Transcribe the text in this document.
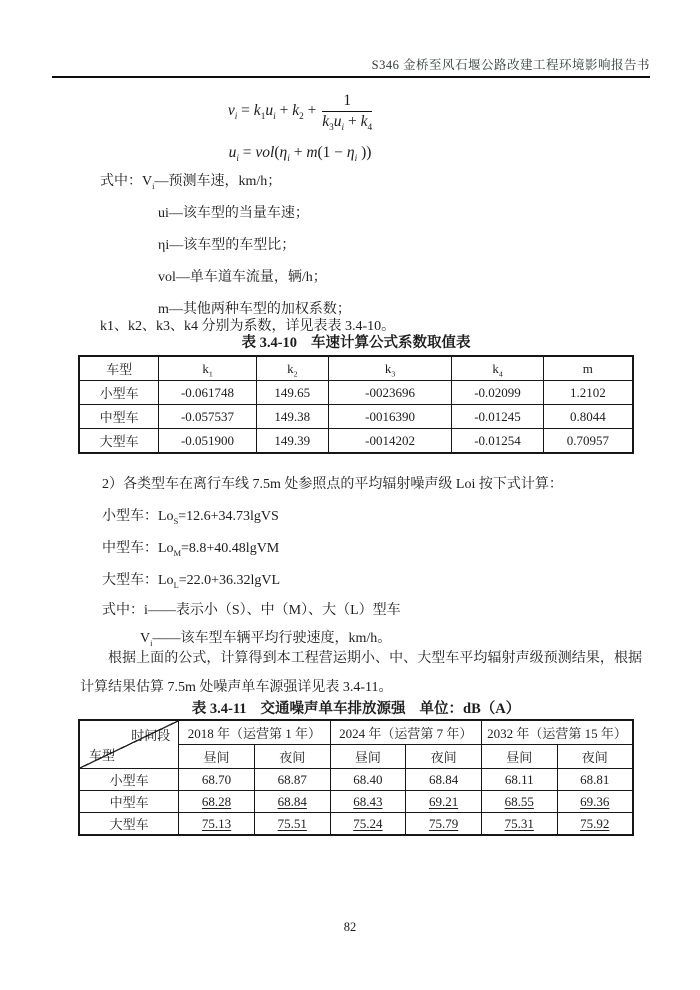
S346 金桥至风石堰公路改建工程环境影响报告书
$v_i = k_1u_i + k_2 + \frac{1}{k_3u_i + k_4}$
$u_i = vol(\eta_i + m(1 - \eta_i$ ))

式中：$V_i—$预测车速，km/h；

ui—该车型的当量车速；

ηi—该车型的车型比；

vol—单车道车流量，辆/h；

m—其他两种车型的加权系数；

k1、k2、k3、k4 分别为系数，详见表表 3.4-10。
表 3.4-10 车速计算公式系数取值表
车型	$k_1$	$k_2$	$k_3$	$k_4$	m
小型车	-0.061748	149.65	-0023696	-0.02099	1.2102
中型车	-0.057537	149.38	-0016390	-0.01245	0.8044
大型车	-0.051900	149.39	-0014202	-0.01254	0.70957
2）各类型车在离行车线 7.5m 处参照点的平均辐射噪声级 Loi 按下式计算：
小型车：$Lo_S=12.6+34.73lgVS$
中型车：$Lo_M=8.8+40.48lgVM$
大型车：$Lo_L=22.0+36.32lgVL$
式中：i——表示小（S）、中（M）、大（L）型车
$V_i——$该车型车辆平均行驶速度，km/h。
根据上面的公式，计算得到本工程营运期小、中、大型车平均辐射声级预测结果，根据计算结果估算 7.5m 处噪声单车源强详见表 3.4-11。
表 3.4-11 交通噪声单车排放源强 单位：dB（A）
时间段
车型	2018 年（运营第 1 年）		2024 年（运营第 7 年）		2032 年（运营第 15 年）	
	昼间	夜间	昼间	夜间	昼间	夜间
小型车	68.70	68.87	68.40	68.84	68.11	68.81
中型车	68.28	68.84	68.43	69.21	68.55	69.36
大型车	75.13	75.51	75.24	75.79	75.31	75.92
82
